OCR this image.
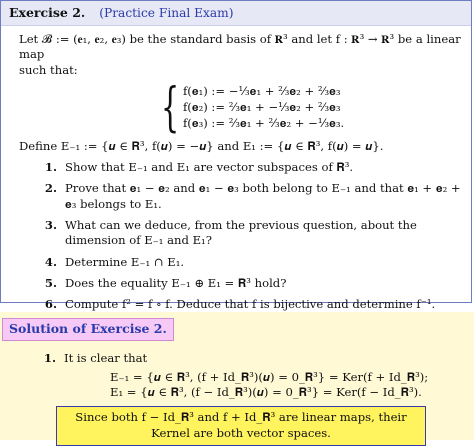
Exercise 2. (Practice Final Exam)

Let 𝓑 := (𝐞₁, 𝐞₂, 𝐞₃) be the standard basis of 𝐑³ and let f : 𝐑³ → 𝐑³ be a linear map

such that:

{ f(𝐞₁) := −¹⁄₃𝐞₁ + ²⁄₃𝐞₂ + ²⁄₃𝐞₃
f(𝐞₂) := ²⁄₃𝐞₁ + −¹⁄₃𝐞₂ + ²⁄₃𝐞₃
f(𝐞₃) := ²⁄₃𝐞₁ + ²⁄₃𝐞₂ + −¹⁄₃𝐞₃.

Define E₋₁ := {𝒖 ∈ 𝐑³, f(𝒖) = −𝒖} and E₁ := {𝒖 ∈ 𝐑³, f(𝒖) = 𝒖}.

1. Show that E₋₁ and E₁ are vector subspaces of 𝐑³.
2. Prove that 𝐞₁ − 𝐞₂ and 𝐞₁ − 𝐞₃ both belong to E₋₁ and that 𝐞₁ + 𝐞₂ + 𝐞₃ belongs to E₁.
3. What can we deduce, from the previous question, about the dimension of E₋₁ and E₁?
4. Determine E₋₁ ∩ E₁.
5. Does the equality E₋₁ ⊕ E₁ = 𝐑³ hold?
6. Compute f² = f ∘ f. Deduce that f is bijective and determine f⁻¹.
Solution of Exercise 2.
1. It is clear that
E₋₁ = {𝒖 ∈ 𝐑³, (f + Id_𝐑³)(𝒖) = 0_𝐑³} = Ker(f + Id_𝐑³);
E₁ = {𝒖 ∈ 𝐑³, (f − Id_𝐑³)(𝒖) = 0_𝐑³} = Ker(f − Id_𝐑³).
Since both f − Id_𝐑³ and f + Id_𝐑³ are linear maps, their Kernel are both vector spaces.
